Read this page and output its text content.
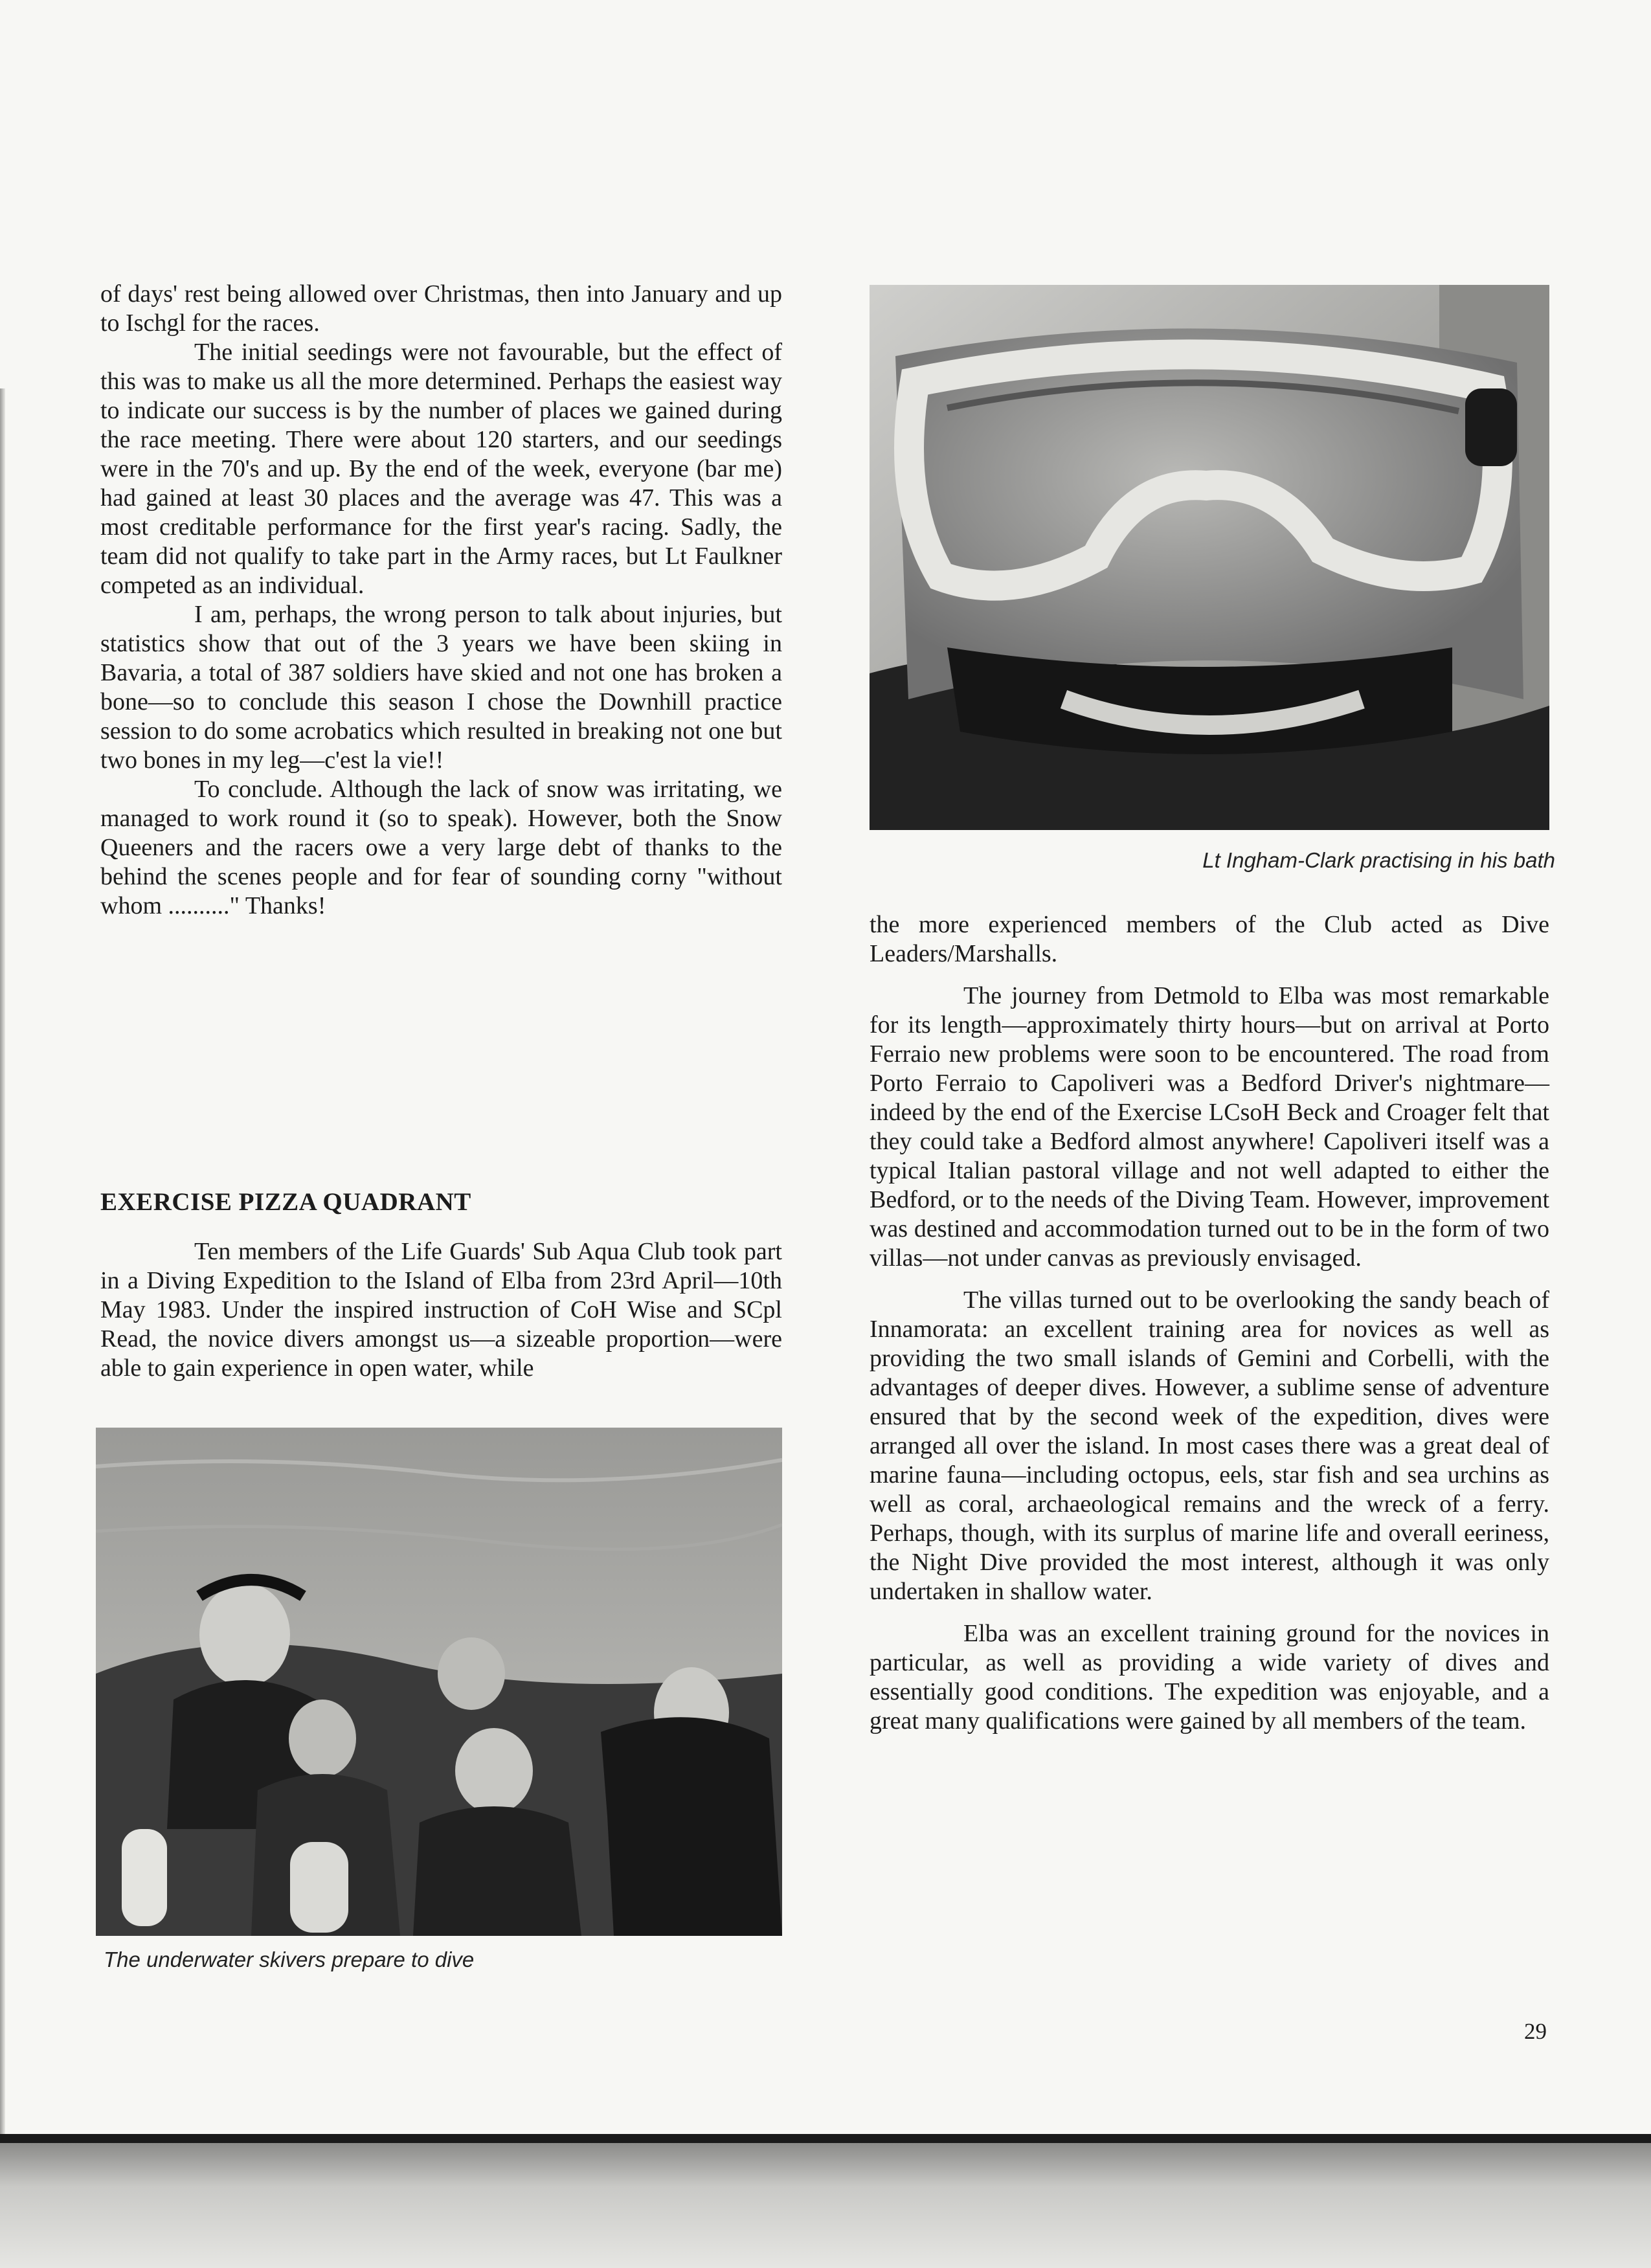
of days' rest being allowed over Christmas, then into January and up to Ischgl for the races.

The initial seedings were not favourable, but the effect of this was to make us all the more determined. Perhaps the easiest way to indicate our success is by the number of places we gained during the race meeting. There were about 120 starters, and our seedings were in the 70's and up. By the end of the week, everyone (bar me) had gained at least 30 places and the average was 47. This was a most creditable performance for the first year's racing. Sadly, the team did not qualify to take part in the Army races, but Lt Faulkner competed as an individual.

I am, perhaps, the wrong person to talk about injuries, but statistics show that out of the 3 years we have been skiing in Bavaria, a total of 387 soldiers have skied and not one has broken a bone—so to conclude this season I chose the Downhill practice session to do some acrobatics which resulted in breaking not one but two bones in my leg—c'est la vie!!

To conclude. Although the lack of snow was irritating, we managed to work round it (so to speak). However, both the Snow Queeners and the racers owe a very large debt of thanks to the behind the scenes people and for fear of sounding corny "without whom .........." Thanks!

EXERCISE PIZZA QUADRANT

Ten members of the Life Guards' Sub Aqua Club took part in a Diving Expedition to the Island of Elba from 23rd April—10th May 1983. Under the inspired instruction of CoH Wise and SCpl Read, the novice divers amongst us—a sizeable proportion—were able to gain experience in open water, while

Lt Ingham-Clark practising in his bath

the more experienced members of the Club acted as Dive Leaders/Marshalls.

The journey from Detmold to Elba was most remarkable for its length—approximately thirty hours—but on arrival at Porto Ferraio new problems were soon to be encountered. The road from Porto Ferraio to Capoliveri was a Bedford Driver's nightmare—indeed by the end of the Exercise LCsoH Beck and Croager felt that they could take a Bedford almost anywhere! Capoliveri itself was a typical Italian pastoral village and not well adapted to either the Bedford, or to the needs of the Diving Team. However, improvement was destined and accommodation turned out to be in the form of two villas—not under canvas as previously envisaged.

The villas turned out to be overlooking the sandy beach of Innamorata: an excellent training area for novices as well as providing the two small islands of Gemini and Corbelli, with the advantages of deeper dives. However, a sublime sense of adventure ensured that by the second week of the expedition, dives were arranged all over the island. In most cases there was a great deal of marine fauna—including octopus, eels, star fish and sea urchins as well as coral, archaeological remains and the wreck of a ferry. Perhaps, though, with its surplus of marine life and overall eeriness, the Night Dive provided the most interest, although it was only undertaken in shallow water.

Elba was an excellent training ground for the novices in particular, as well as providing a wide variety of dives and essentially good conditions. The expedition was enjoyable, and a great many qualifications were gained by all members of the team.

The underwater skivers prepare to dive
29
